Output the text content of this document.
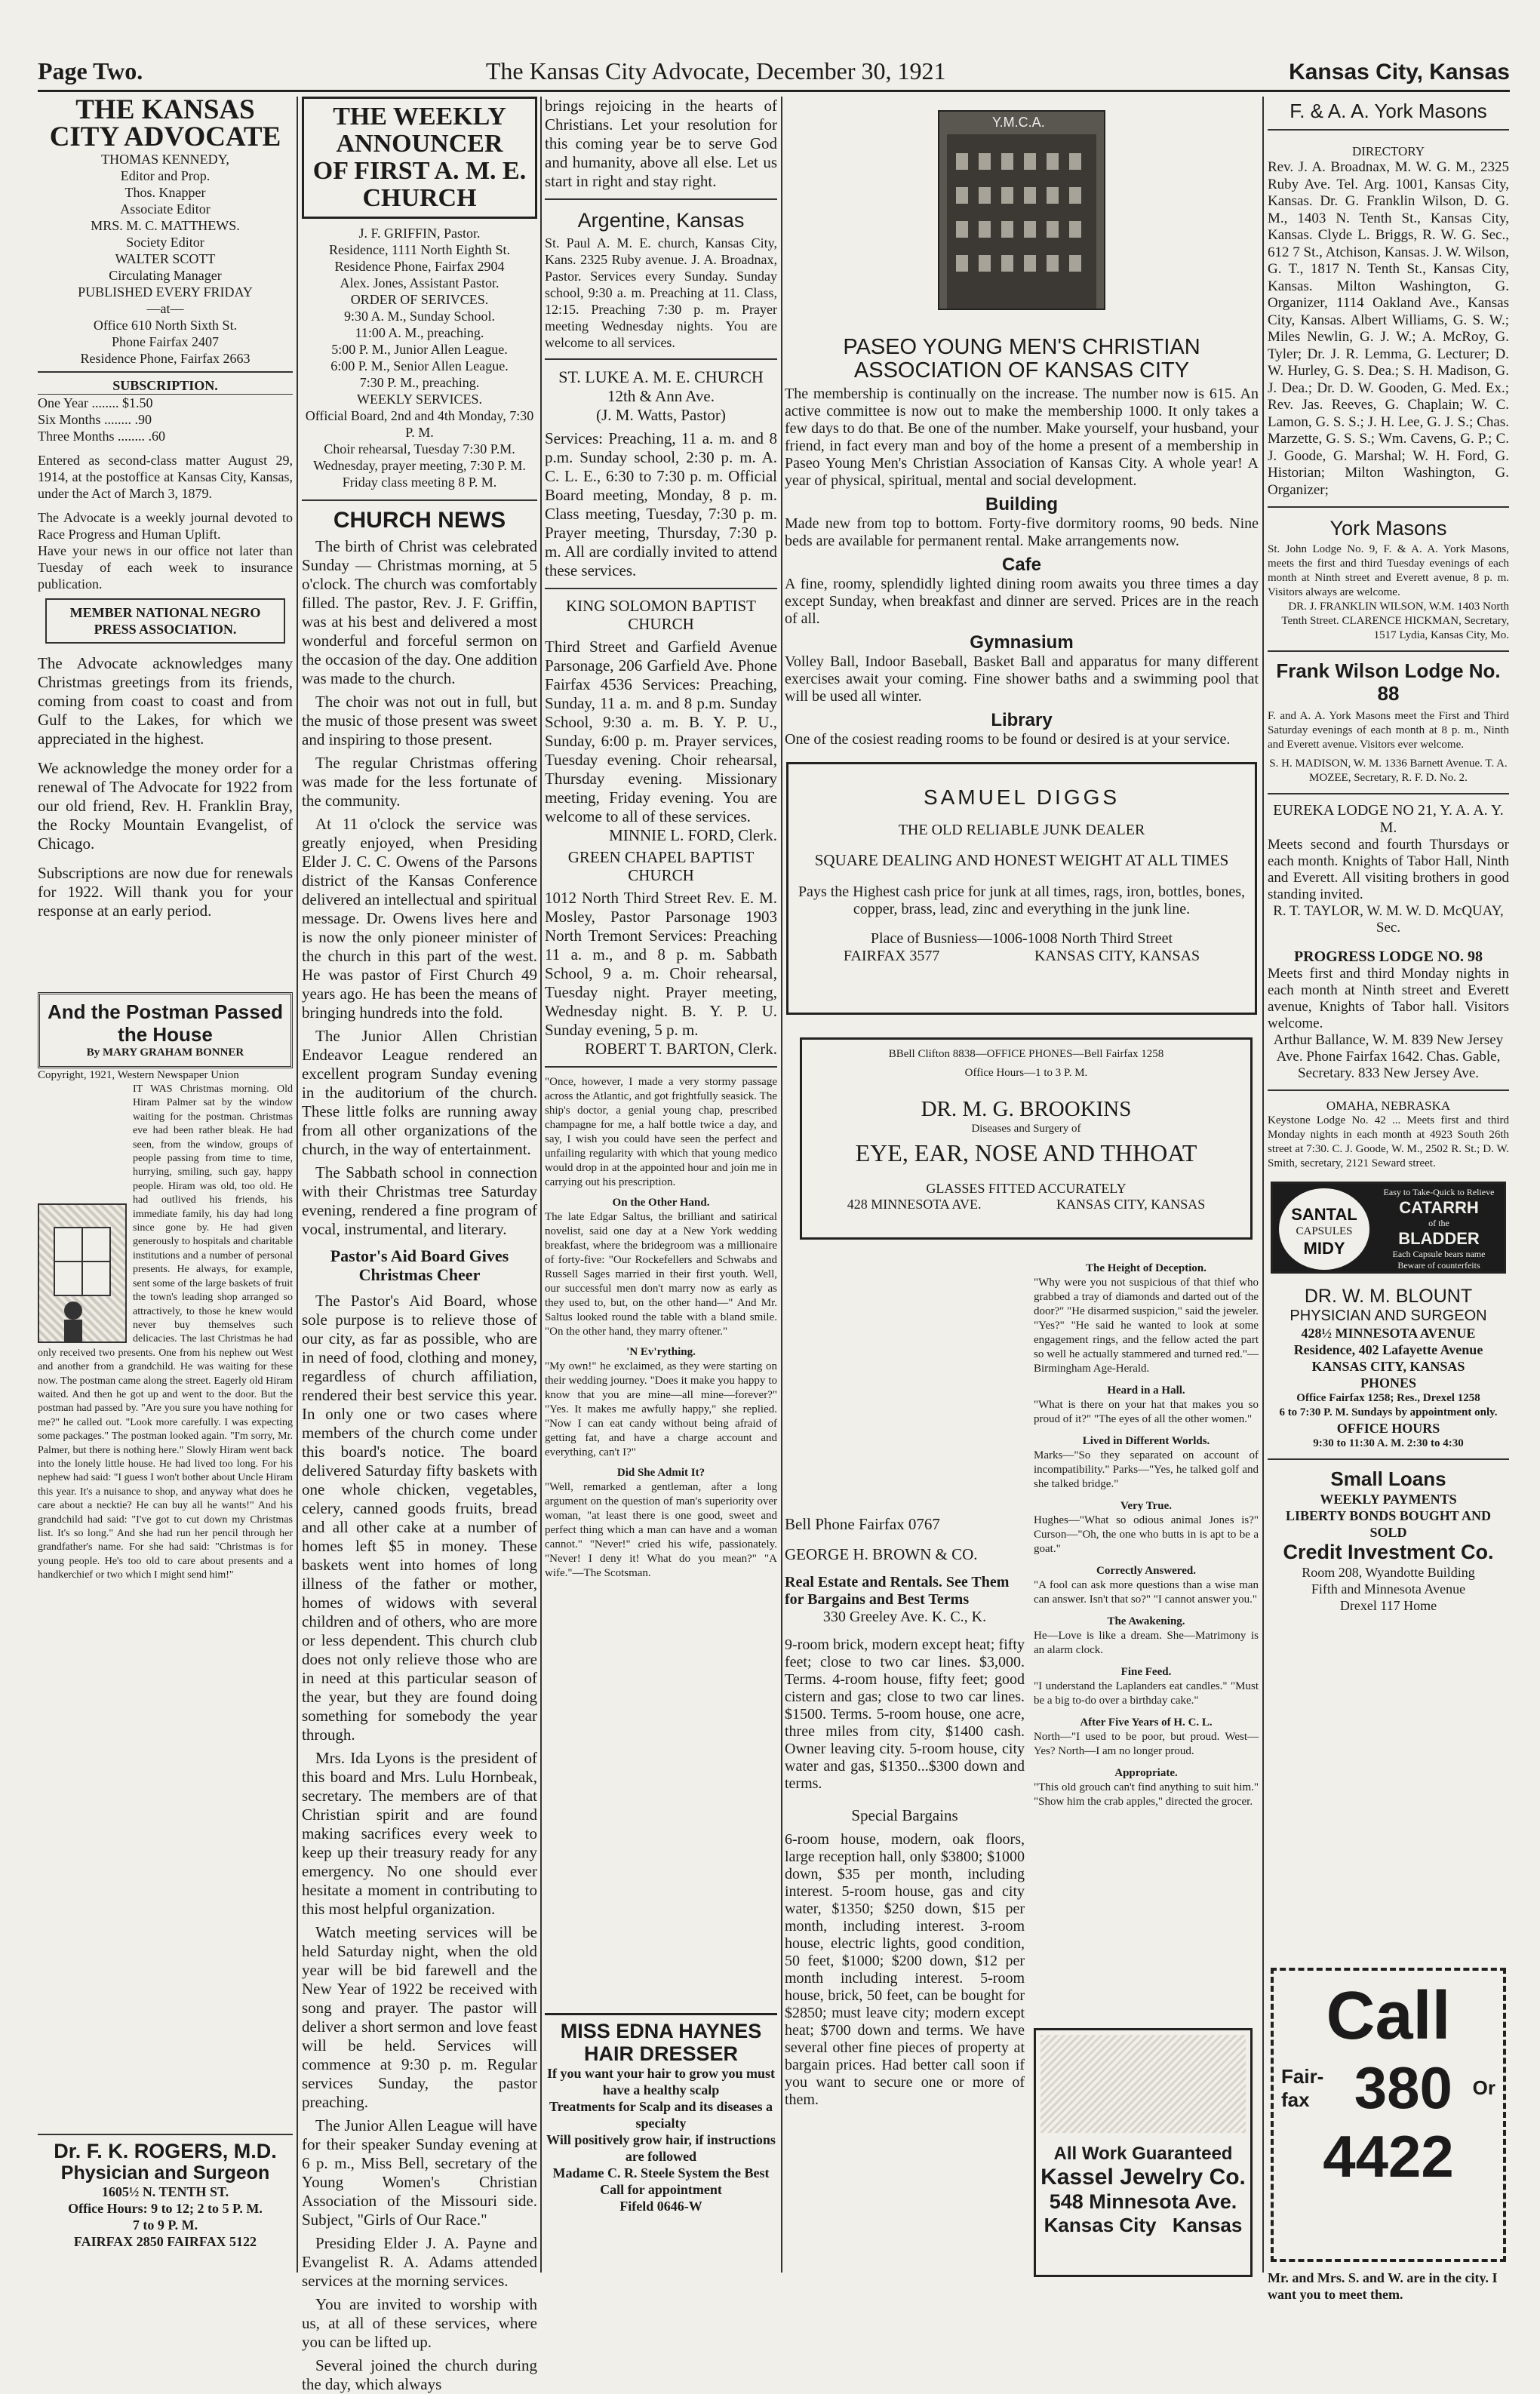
Page Two.	The Kansas City Advocate, December 30, 1921	Kansas City, Kansas
THE KANSAS CITY ADVOCATE
THOMAS KENNEDY,
Editor and Prop.
Thos. Knapper
Associate Editor
MRS. M. C. MATTHEWS.
Society Editor
WALTER SCOTT
Circulating Manager
PUBLISHED EVERY FRIDAY
—at—
Office 610 North Sixth St.
Phone Fairfax 2407
Residence Phone, Fairfax 2663
SUBSCRIPTION.
One Year ........ $1.50
Six Months ........ .90
Three Months ........ .60
Entered as second-class matter August 29, 1914, at the postoffice at Kansas City, Kansas, under the Act of March 3, 1879.
The Advocate is a weekly journal devoted to Race Progress and Human Uplift.
Have your news in our office not later than Tuesday of each week to insurance publication.
MEMBER NATIONAL NEGRO PRESS ASSOCIATION.
The Advocate acknowledges many Christmas greetings from its friends, coming from coast to coast and from Gulf to the Lakes, for which we appreciated in the highest.
We acknowledge the money order for a renewal of The Advocate for 1922 from our old friend, Rev. H. Franklin Bray, the Rocky Mountain Evangelist, of Chicago.
Subscriptions are now due for renewals for 1922. Will thank you for your response at an early period.
And the Postman Passed the House
By MARY GRAHAM BONNER
Copyright, 1921, Western Newspaper Union
IT WAS Christmas morning. Old Hiram Palmer sat by the window waiting for the postman. Christmas eve had been rather bleak. He had seen, from the window, groups of people passing from time to time, hurrying, smiling, such gay, happy people. Hiram was old, too old. He had outlived his friends, his immediate family, his day had long since gone by. He had given generously to hospitals and charitable institutions and a number of personal presents. He always, for example, sent some of the large baskets of fruit the town's leading shop arranged so attractively, to those he knew would never buy themselves such delicacies. The last Christmas he had only received two presents. One from his nephew out West and another from a grandchild. He was waiting for these now. The postman came along the street. Eagerly old Hiram waited. And then he got up and went to the door. But the postman had passed by. "Are you sure you have nothing for me?" he called out. "Look more carefully. I was expecting some packages." The postman looked again. "I'm sorry, Mr. Palmer, but there is nothing here." Slowly Hiram went back into the lonely little house. He had lived too long. For his nephew had said: "I guess I won't bother about Uncle Hiram this year. It's a nuisance to shop, and anyway what does he care about a necktie? He can buy all he wants!" And his grandchild had said: "I've got to cut down my Christmas list. It's so long." And she had run her pencil through her grandfather's name. For she had said: "Christmas is for young people. He's too old to care about presents and a handkerchief or two which I might send him!"
Dr. F. K. ROGERS, M.D.
Physician and Surgeon
1605½ N. TENTH ST.
Office Hours: 9 to 12; 2 to 5 P. M.
7 to 9 P. M.
FAIRFAX 2850 FAIRFAX 5122
THE WEEKLY ANNOUNCER
OF FIRST A. M. E. CHURCH
J. F. GRIFFIN, Pastor.
Residence, 1111 North Eighth St.
Residence Phone, Fairfax 2904
Alex. Jones, Assistant Pastor.
ORDER OF SERIVCES.
9:30 A. M., Sunday School.
11:00 A. M., preaching.
5:00 P. M., Junior Allen League.
6:00 P. M., Senior Allen League.
7:30 P. M., preaching.
WEEKLY SERVICES.
Official Board, 2nd and 4th Monday, 7:30 P. M.
Choir rehearsal, Tuesday 7:30 P.M.
Wednesday, prayer meeting, 7:30 P. M. Friday class meeting 8 P. M.
CHURCH NEWS
The birth of Christ was celebrated Sunday — Christmas morning, at 5 o'clock. The church was comfortably filled. The pastor, Rev. J. F. Griffin, was at his best and delivered a most wonderful and forceful sermon on the occasion of the day. One addition was made to the church.
The choir was not out in full, but the music of those present was sweet and inspiring to those present.
The regular Christmas offering was made for the less fortunate of the community.
At 11 o'clock the service was greatly enjoyed, when Presiding Elder J. C. C. Owens of the Parsons district of the Kansas Conference delivered an intellectual and spiritual message. Dr. Owens lives here and is now the only pioneer minister of the church in this part of the west. He was pastor of First Church 49 years ago. He has been the means of bringing hundreds into the fold.
The Junior Allen Christian Endeavor League rendered an excellent program Sunday evening in the auditorium of the church. These little folks are running away from all other organizations of the church, in the way of entertainment.
The Sabbath school in connection with their Christmas tree Saturday evening, rendered a fine program of vocal, instrumental, and literary.
Pastor's Aid Board Gives Christmas Cheer
The Pastor's Aid Board, whose sole purpose is to relieve those of our city, as far as possible, who are in need of food, clothing and money, regardless of church affiliation, rendered their best service this year. In only one or two cases where members of the church come under this board's notice. The board delivered Saturday fifty baskets with one whole chicken, vegetables, celery, canned goods fruits, bread and all other cake at a number of homes left $5 in money. These baskets went into homes of long illness of the father or mother, homes of widows with several children and of others, who are more or less dependent. This church club does not only relieve those who are in need at this particular season of the year, but they are found doing something for somebody the year through.
Mrs. Ida Lyons is the president of this board and Mrs. Lulu Hornbeak, secretary. The members are of that Christian spirit and are found making sacrifices every week to keep up their treasury ready for any emergency. No one should ever hesitate a moment in contributing to this most helpful organization.
Watch meeting services will be held Saturday night, when the old year will be bid farewell and the New Year of 1922 be received with song and prayer. The pastor will deliver a short sermon and love feast will be held. Services will commence at 9:30 p. m. Regular services Sunday, the pastor preaching.
The Junior Allen League will have for their speaker Sunday evening at 6 p. m., Miss Bell, secretary of the Young Women's Christian Association of the Missouri side. Subject, "Girls of Our Race."
Presiding Elder J. A. Payne and Evangelist R. A. Adams attended services at the morning services.
You are invited to worship with us, at all of these services, where you can be lifted up.
Several joined the church during the day, which always
brings rejoicing in the hearts of Christians. Let your resolution for this coming year be to serve God and humanity, above all else. Let us start in right and stay right.
Argentine, Kansas
St. Paul A. M. E. church, Kansas City, Kans. 2325 Ruby avenue. J. A. Broadnax, Pastor. Services every Sunday. Sunday school, 9:30 a. m. Preaching at 11. Class, 12:15. Preaching 7:30 p. m. Prayer meeting Wednesday nights. You are welcome to all services.
ST. LUKE A. M. E. CHURCH
12th & Ann Ave.
(J. M. Watts, Pastor)
Services: Preaching, 11 a. m. and 8 p.m. Sunday school, 2:30 p. m. A. C. L. E., 6:30 to 7:30 p. m. Official Board meeting, Monday, 8 p. m. Class meeting, Tuesday, 7:30 p. m. Prayer meeting, Thursday, 7:30 p. m. All are cordially invited to attend these services.
KING SOLOMON BAPTIST CHURCH
Third Street and Garfield Avenue Parsonage, 206 Garfield Ave. Phone Fairfax 4536 Services: Preaching, Sunday, 11 a. m. and 8 p.m. Sunday School, 9:30 a. m. B. Y. P. U., Sunday, 6:00 p. m. Prayer services, Tuesday evening. Choir rehearsal, Thursday evening. Missionary meeting, Friday evening. You are welcome to all of these services.
MINNIE L. FORD, Clerk.
GREEN CHAPEL BAPTIST CHURCH
1012 North Third Street Rev. E. M. Mosley, Pastor Parsonage 1903 North Tremont Services: Preaching 11 a. m., and 8 p. m. Sabbath School, 9 a. m. Choir rehearsal, Tuesday night. Prayer meeting, Wednesday night. B. Y. P. U. Sunday evening, 5 p. m.
ROBERT T. BARTON, Clerk.
"Once, however, I made a very stormy passage across the Atlantic, and got frightfully seasick. The ship's doctor, a genial young chap, prescribed champagne for me, a half bottle twice a day, and say, I wish you could have seen the perfect and unfailing regularity with which that young medico would drop in at the appointed hour and join me in carrying out his prescription.
On the Other Hand.
The late Edgar Saltus, the brilliant and satirical novelist, said one day at a New York wedding breakfast, where the bridegroom was a millionaire of forty-five: "Our Rockefellers and Schwabs and Russell Sages married in their first youth. Well, our successful men don't marry now as early as they used to, but, on the other hand—" And Mr. Saltus looked round the table with a bland smile. "On the other hand, they marry oftener."
'N Ev'rything.
"My own!" he exclaimed, as they were starting on their wedding journey. "Does it make you happy to know that you are mine—all mine—forever?" "Yes. It makes me awfully happy," she replied. "Now I can eat candy without being afraid of getting fat, and have a charge account and everything, can't I?"
Did She Admit It?
"Well, remarked a gentleman, after a long argument on the question of man's superiority over woman, "at least there is one good, sweet and perfect thing which a man can have and a woman cannot." "Never!" cried his wife, passionately. "Never! I deny it! What do you mean?" "A wife."—The Scotsman.
MISS EDNA HAYNES
HAIR DRESSER
If you want your hair to grow you must have a healthy scalp
Treatments for Scalp and its diseases a specialty
Will positively grow hair, if instructions are followed
Madame C. R. Steele System the Best
Call for appointment
Fifeld 0646-W
Y.M.C.A.
PASEO YOUNG MEN'S CHRISTIAN
ASSOCIATION OF KANSAS CITY
The membership is continually on the increase. The number now is 615. An active committee is now out to make the membership 1000. It only takes a few days to do that. Be one of the number. Make yourself, your husband, your friend, in fact every man and boy of the home a present of a membership in Paseo Young Men's Christian Association of Kansas City. A whole year! A year of physical, spiritual, mental and social development.
Building
Made new from top to bottom. Forty-five dormitory rooms, 90 beds. Nine beds are available for permanent rental. Make arrangements now.
Cafe
A fine, roomy, splendidly lighted dining room awaits you three times a day except Sunday, when breakfast and dinner are served. Prices are in the reach of all.
Gymnasium
Volley Ball, Indoor Baseball, Basket Ball and apparatus for many different exercises await your coming. Fine shower baths and a swimming pool that will be used all winter.
Library
One of the cosiest reading rooms to be found or desired is at your service.
SAMUEL DIGGS
THE OLD RELIABLE JUNK DEALER
SQUARE DEALING AND HONEST WEIGHT AT ALL TIMES
Pays the Highest cash price for junk at all times, rags, iron, bottles, bones, copper, brass, lead, zinc and everything in the junk line.
Place of Busniess—1006-1008 North Third Street
FAIRFAX 3577	KANSAS CITY, KANSAS
BBell Clifton 8838—OFFICE PHONES—Bell Fairfax 1258
Office Hours—1 to 3 P. M.
DR. M. G. BROOKINS
Diseases and Surgery of
EYE, EAR, NOSE AND THHOAT
GLASSES FITTED ACCURATELY
428 MINNESOTA AVE.	KANSAS CITY, KANSAS
Bell Phone Fairfax 0767
GEORGE H. BROWN & CO.
Real Estate and Rentals. See Them for Bargains and Best Terms
330 Greeley Ave. K. C., K.
9-room brick, modern except heat; fifty feet; close to two car lines. $3,000. Terms. 4-room house, fifty feet; good cistern and gas; close to two car lines. $1500. Terms. 5-room house, one acre, three miles from city, $1400 cash. Owner leaving city. 5-room house, city water and gas, $1350...$300 down and terms.
Special Bargains
6-room house, modern, oak floors, large reception hall, only $3800; $1000 down, $35 per month, including interest. 5-room house, gas and city water, $1350; $250 down, $15 per month, including interest. 3-room house, electric lights, good condition, 50 feet, $1000; $200 down, $12 per month including interest. 5-room house, brick, 50 feet, can be bought for $2850; must leave city; modern except heat; $700 down and terms. We have several other fine pieces of property at bargain prices. Had better call soon if you want to secure one or more of them.
The Height of Deception.
"Why were you not suspicious of that thief who grabbed a tray of diamonds and darted out of the door?" "He disarmed suspicion," said the jeweler. "Yes?" "He said he wanted to look at some engagement rings, and the fellow acted the part so well he actually stammered and turned red."—Birmingham Age-Herald.
Heard in a Hall.
"What is there on your hat that makes you so proud of it?" "The eyes of all the other women."
Lived in Different Worlds.
Marks—"So they separated on account of incompatibility." Parks—"Yes, he talked golf and she talked bridge."
Very True.
Hughes—"What so odious animal Jones is?" Curson—"Oh, the one who butts in is apt to be a goat."
Correctly Answered.
"A fool can ask more questions than a wise man can answer. Isn't that so?" "I cannot answer you."
The Awakening.
He—Love is like a dream. She—Matrimony is an alarm clock.
Fine Feed.
"I understand the Laplanders eat candles." "Must be a big to-do over a birthday cake."
After Five Years of H. C. L.
North—"I used to be poor, but proud. West—Yes? North—I am no longer proud.
Appropriate.
"This old grouch can't find anything to suit him." "Show him the crab apples," directed the grocer.
All Work Guaranteed
Kassel Jewelry Co.
548 Minnesota Ave.
Kansas City Kansas
F. & A. A. York Masons
DIRECTORY
Rev. J. A. Broadnax, M. W. G. M., 2325 Ruby Ave. Tel. Arg. 1001, Kansas City, Kansas. Dr. G. Franklin Wilson, D. G. M., 1403 N. Tenth St., Kansas City, Kansas. Clyde L. Briggs, R. W. G. Sec., 612 7 St., Atchison, Kansas. J. W. Wilson, G. T., 1817 N. Tenth St., Kansas City, Kansas. Milton Washington, G. Organizer, 1114 Oakland Ave., Kansas City, Kansas. Albert Williams, G. S. W.; Miles Newlin, G. J. W.; A. McRoy, G. Tyler; Dr. J. R. Lemma, G. Lecturer; D. W. Hurley, G. S. Dea.; S. H. Madison, G. J. Dea.; Dr. D. W. Gooden, G. Med. Ex.; Rev. Jas. Reeves, G. Chaplain; W. C. Lamon, G. S. S.; J. H. Lee, G. J. S.; Chas. Marzette, G. S. S.; Wm. Cavens, G. P.; C. J. Goode, G. Marshal; W. H. Ford, G. Historian; Milton Washington, G. Organizer;
York Masons
St. John Lodge No. 9, F. & A. A. York Masons, meets the first and third Tuesday evenings of each month at Ninth street and Everett avenue, 8 p. m. Visitors always are welcome.
DR. J. FRANKLIN WILSON, W.M. 1403 North Tenth Street. CLARENCE HICKMAN, Secretary, 1517 Lydia, Kansas City, Mo.
Frank Wilson Lodge No. 88
F. and A. A. York Masons meet the First and Third Saturday evenings of each month at 8 p. m., Ninth and Everett avenue. Visitors ever welcome.
S. H. MADISON, W. M. 1336 Barnett Avenue. T. A. MOZEE, Secretary, R. F. D. No. 2.
EUREKA LODGE NO 21, Y. A. A. Y. M.
Meets second and fourth Thursdays or each month. Knights of Tabor Hall, Ninth and Everett. All visiting brothers in good standing invited.
R. T. TAYLOR, W. M. W. D. McQUAY, Sec.
PROGRESS LODGE NO. 98
Meets first and third Monday nights in each month at Ninth street and Everett avenue, Knights of Tabor hall. Visitors welcome.
Arthur Ballance, W. M. 839 New Jersey Ave. Phone Fairfax 1642. Chas. Gable, Secretary. 833 New Jersey Ave.
OMAHA, NEBRASKA
Keystone Lodge No. 42 ... Meets first and third Monday nights in each month at 4923 South 26th street at 7:30. C. J. Goode, W. M., 2502 R. St.; D. W. Smith, secretary, 2121 Seward street.
SANTAL
CAPSULES
MIDY
Easy to Take-Quick to Relieve
CATARRH
of the
BLADDER
Each Capsule bears name
Beware of counterfeits
DR. W. M. BLOUNT
PHYSICIAN AND SURGEON
428½ MINNESOTA AVENUE
Residence, 402 Lafayette Avenue
KANSAS CITY, KANSAS
PHONES
Office Fairfax 1258; Res., Drexel 1258
6 to 7:30 P. M. Sundays by appointment only.
OFFICE HOURS
9:30 to 11:30 A. M. 2:30 to 4:30
Small Loans
WEEKLY PAYMENTS
LIBERTY BONDS BOUGHT AND SOLD
Credit Investment Co.
Room 208, Wyandotte Building
Fifth and Minnesota Avenue
Drexel 117 Home
Call
Fair-
fax 380	Or
4422
Mr. and Mrs. S. and W. are in the city. I want you to meet them.
